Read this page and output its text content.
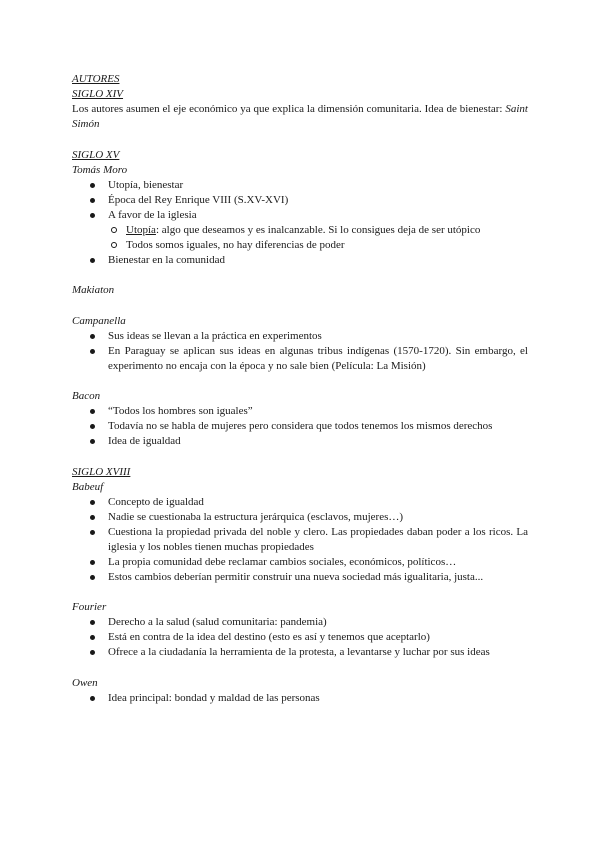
AUTORES
SIGLO XIV

Los autores asumen el eje económico ya que explica la dimensión comunitaria. Idea de bienestar: Saint Simón

SIGLO XV
Tomás Moro
Utopía, bienestar
Época del Rey Enrique VIII (S.XV-XVI)
A favor de la iglesia
Utopía: algo que deseamos y es inalcanzable. Si lo consigues deja de ser utópico
Todos somos iguales, no hay diferencias de poder
Bienestar en la comunidad
Makiaton
Campanella
Sus ideas se llevan a la práctica en experimentos
En Paraguay se aplican sus ideas en algunas tribus indígenas (1570-1720). Sin embargo, el experimento no encaja con la época y no sale bien (Película: La Misión)
Bacon
“Todos los hombres son iguales”
Todavía no se habla de mujeres pero considera que todos tenemos los mismos derechos
Idea de igualdad
SIGLO XVIII
Babeuf
Concepto de igualdad
Nadie se cuestionaba la estructura jerárquica (esclavos, mujeres…)
Cuestiona la propiedad privada del noble y clero. Las propiedades daban poder a los ricos. La iglesia y los nobles tienen muchas propiedades
La propia comunidad debe reclamar cambios sociales, económicos, políticos…
Estos cambios deberían permitir construir una nueva sociedad más igualitaria, justa...
Fourier
Derecho a la salud (salud comunitaria: pandemia)
Está en contra de la idea del destino (esto es así y tenemos que aceptarlo)
Ofrece a la ciudadanía la herramienta de la protesta, a levantarse y luchar por sus ideas
Owen
Idea principal: bondad y maldad de las personas
